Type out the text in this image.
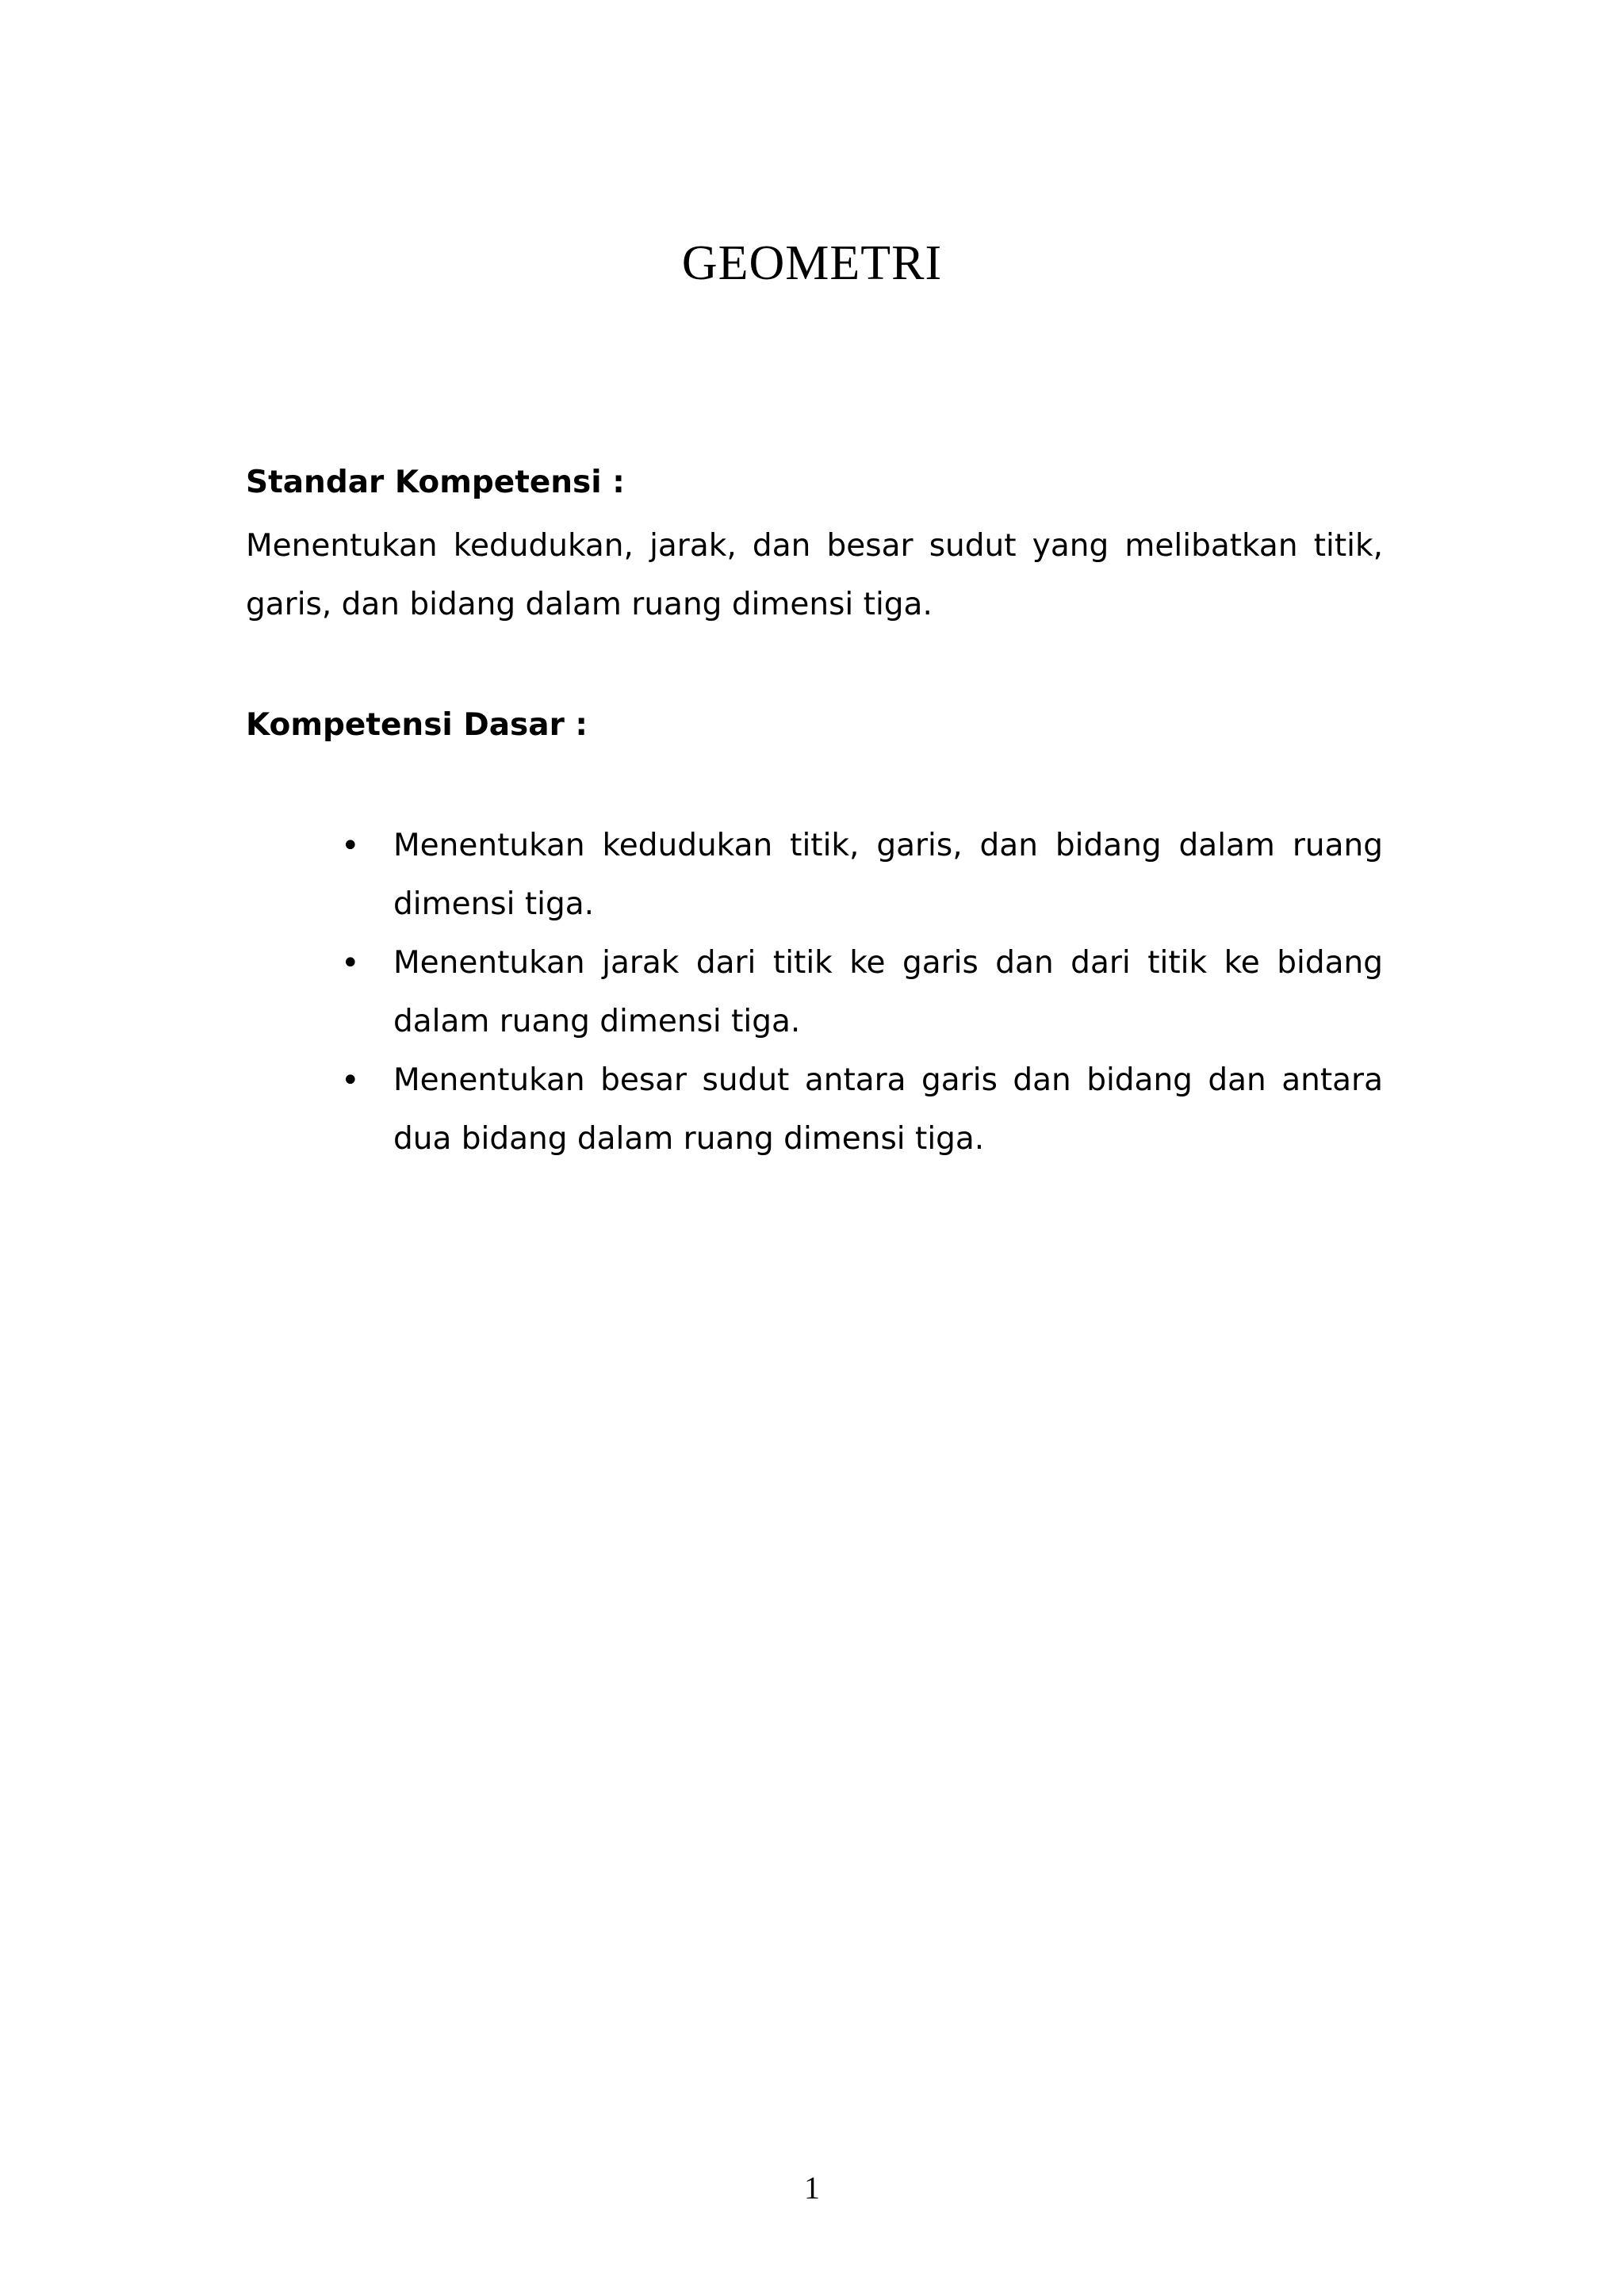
GEOMETRI

Standar Kompetensi :

Menentukan kedudukan, jarak, dan besar sudut yang melibatkan titik, garis, dan bidang dalam ruang dimensi tiga.

Kompetensi Dasar :

•	Menentukan kedudukan titik, garis, dan bidang dalam ruang dimensi tiga.
•	Menentukan jarak dari titik ke garis dan dari titik ke bidang dalam ruang dimensi tiga.
•	Menentukan besar sudut antara garis dan bidang dan antara dua bidang dalam ruang dimensi tiga.
1
